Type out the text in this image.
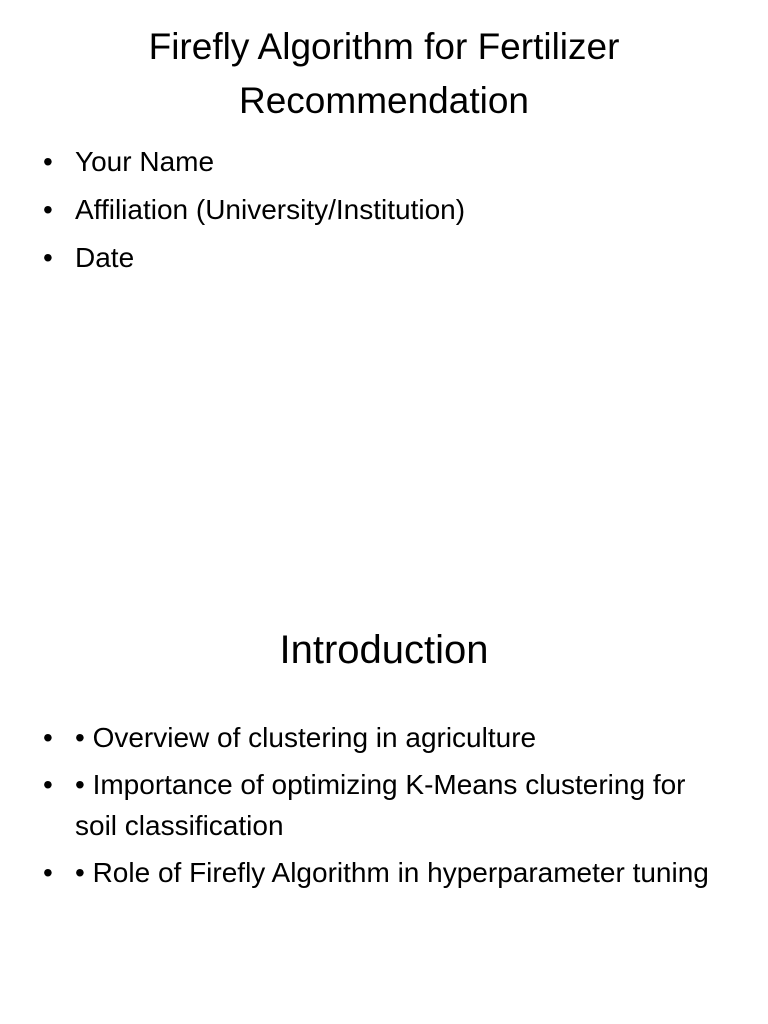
Firefly Algorithm for Fertilizer Recommendation
• Your Name
• Affiliation (University/Institution)
• Date
Introduction
• • Overview of clustering in agriculture
• • Importance of optimizing K-Means clustering for soil classification
• • Role of Firefly Algorithm in hyperparameter tuning
